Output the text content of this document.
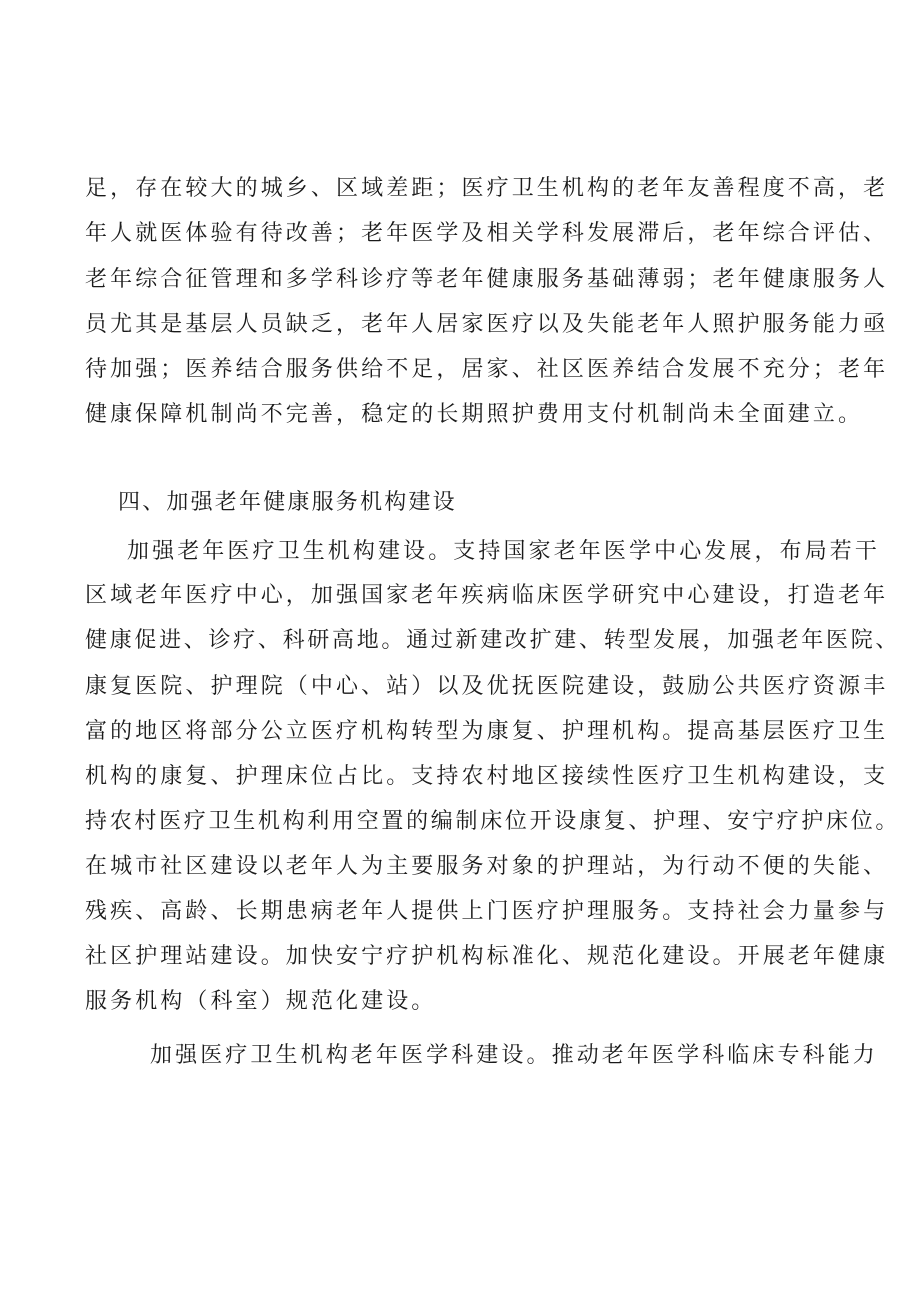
足，存在较大的城乡、区域差距；医疗卫生机构的老年友善程度不高，老
年人就医体验有待改善；老年医学及相关学科发展滞后，老年综合评估、
老年综合征管理和多学科诊疗等老年健康服务基础薄弱；老年健康服务人
员尤其是基层人员缺乏，老年人居家医疗以及失能老年人照护服务能力亟
待加强；医养结合服务供给不足，居家、社区医养结合发展不充分；老年
健康保障机制尚不完善，稳定的长期照护费用支付机制尚未全面建立。
四、加强老年健康服务机构建设
加强老年医疗卫生机构建设。支持国家老年医学中心发展，布局若干
区域老年医疗中心，加强国家老年疾病临床医学研究中心建设，打造老年
健康促进、诊疗、科研高地。通过新建改扩建、转型发展，加强老年医院、
康复医院、护理院（中心、站）以及优抚医院建设，鼓励公共医疗资源丰
富的地区将部分公立医疗机构转型为康复、护理机构。提高基层医疗卫生
机构的康复、护理床位占比。支持农村地区接续性医疗卫生机构建设，支
持农村医疗卫生机构利用空置的编制床位开设康复、护理、安宁疗护床位。
在城市社区建设以老年人为主要服务对象的护理站，为行动不便的失能、
残疾、高龄、长期患病老年人提供上门医疗护理服务。支持社会力量参与
社区护理站建设。加快安宁疗护机构标准化、规范化建设。开展老年健康
服务机构（科室）规范化建设。
加强医疗卫生机构老年医学科建设。推动老年医学科临床专科能力
